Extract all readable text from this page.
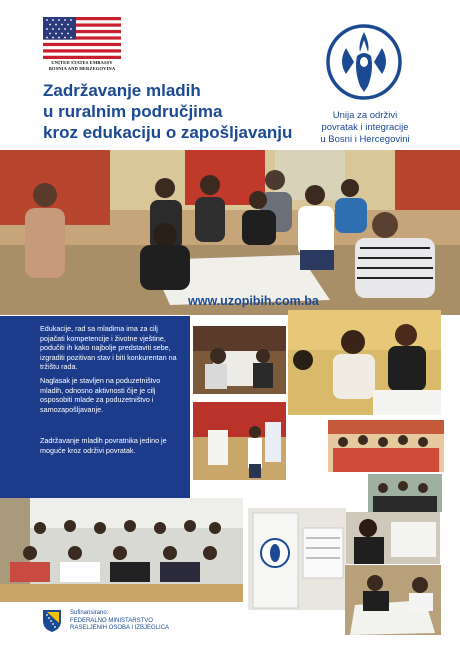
UNITED STATES EMBASSY
BOSNIA AND HERZEGOVINA
Zadržavanje mladih
u ruralnim područjima
kroz edukaciju o zapošljavanju
Unija za održivi
povratak i integracije
u Bosni i Hercegovini
www.uzopibih.com.ba
Edukacije, rad sa mladima ima za cilj pojačati kompetencije i životne vještine, podučiti ih kako najbolje predstaviti sebe, izgraditi pozitivan stav i biti konkurentan na tržištu rada.
Naglasak je stavljen na poduzetništvo mladih, odnosno aktivnosti čije je cilj osposobiti mlade za poduzetništvo i samozapošljavanje.
Zadržavanje mladih povratnika jedino je moguće kroz održivi povratak.
Sufinansirano:
FEDERALNO MINISTARSTVO
RASELJENIH OSOBA I IZBJEGLICA
